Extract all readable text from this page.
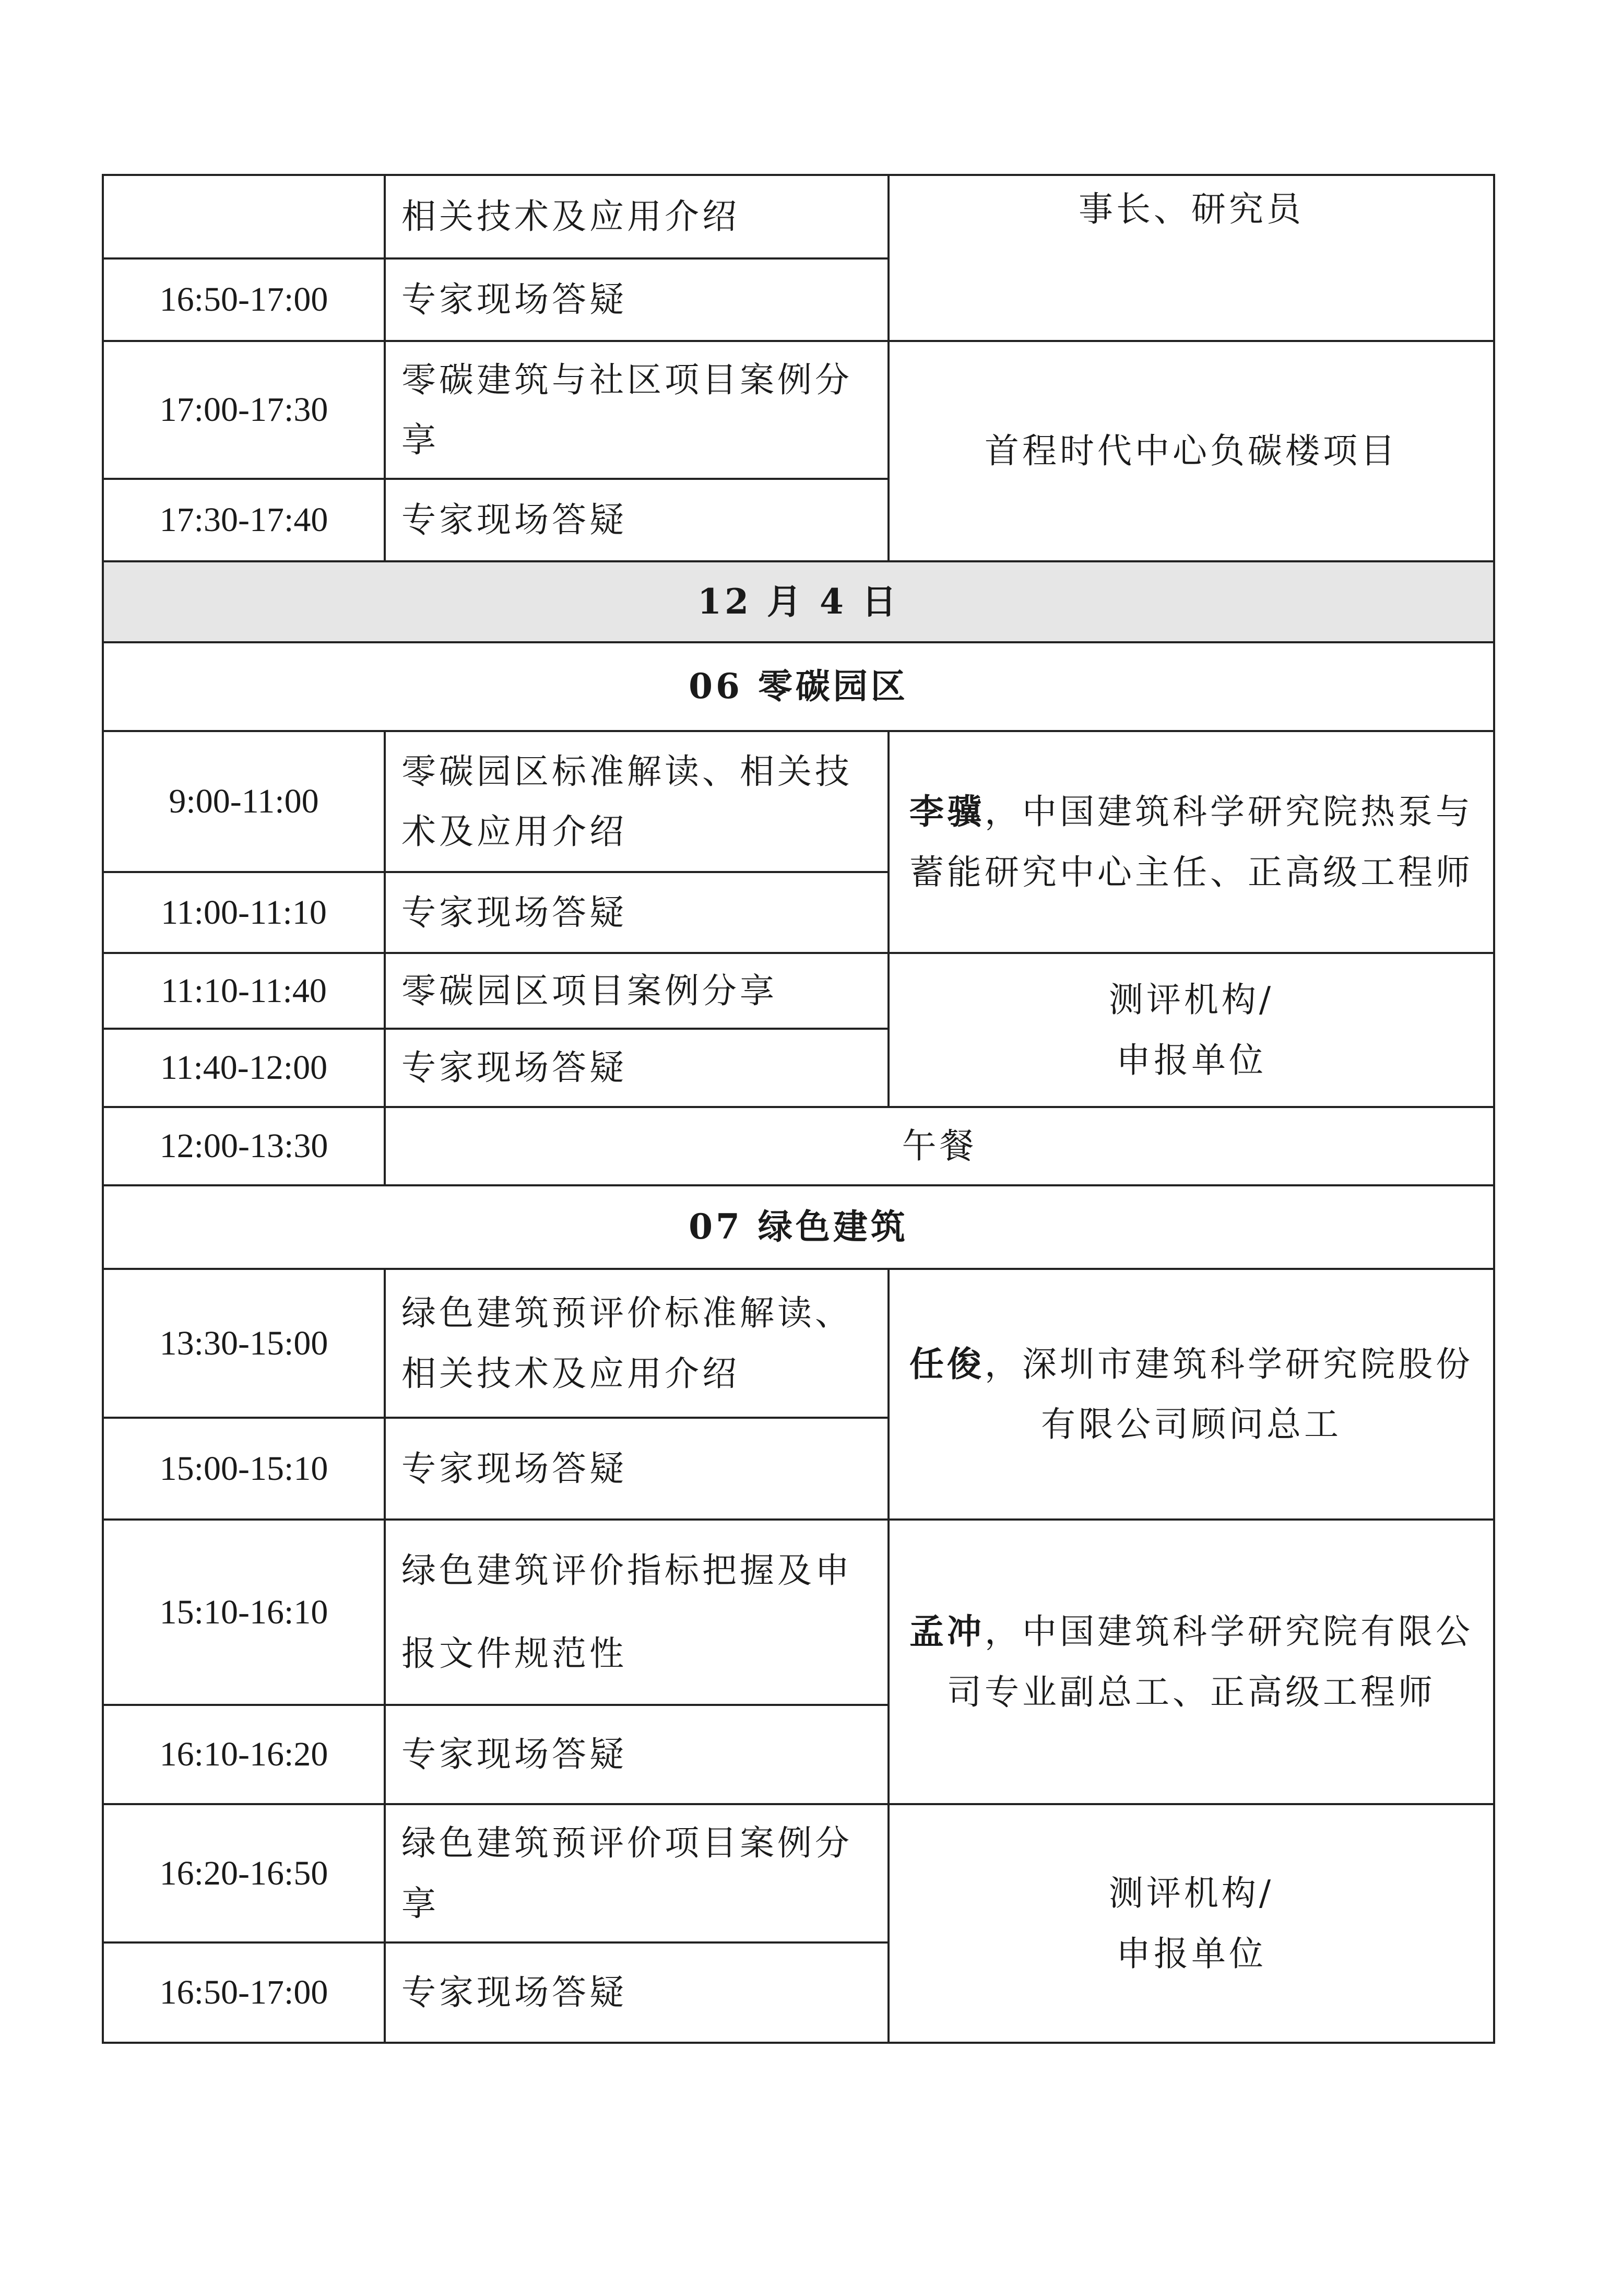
	相关技术及应用介绍	事长、研究员
16:50-17:00	专家现场答疑	
17:00-17:30	零碳建筑与社区项目案例分享	首程时代中心负碳楼项目
17:30-17:40	专家现场答疑	
12 月 4 日		
06 零碳园区		
9:00-11:00	零碳园区标准解读、相关技术及应用介绍	李骥，中国建筑科学研究院热泵与蓄能研究中心主任、正高级工程师
11:00-11:10	专家现场答疑	
11:10-11:40	零碳园区项目案例分享	测评机构/
申报单位

11:40-12:00	专家现场答疑	
12:00-13:30	午餐	
07 绿色建筑		
13:30-15:00	绿色建筑预评价标准解读、相关技术及应用介绍	任俊，深圳市建筑科学研究院股份有限公司顾问总工
15:00-15:10	专家现场答疑	
15:10-16:10	绿色建筑评价指标把握及申报文件规范性	孟冲，中国建筑科学研究院有限公司专业副总工、正高级工程师
16:10-16:20	专家现场答疑	
16:20-16:50	绿色建筑预评价项目案例分享	测评机构/
申报单位

16:50-17:00	专家现场答疑	
